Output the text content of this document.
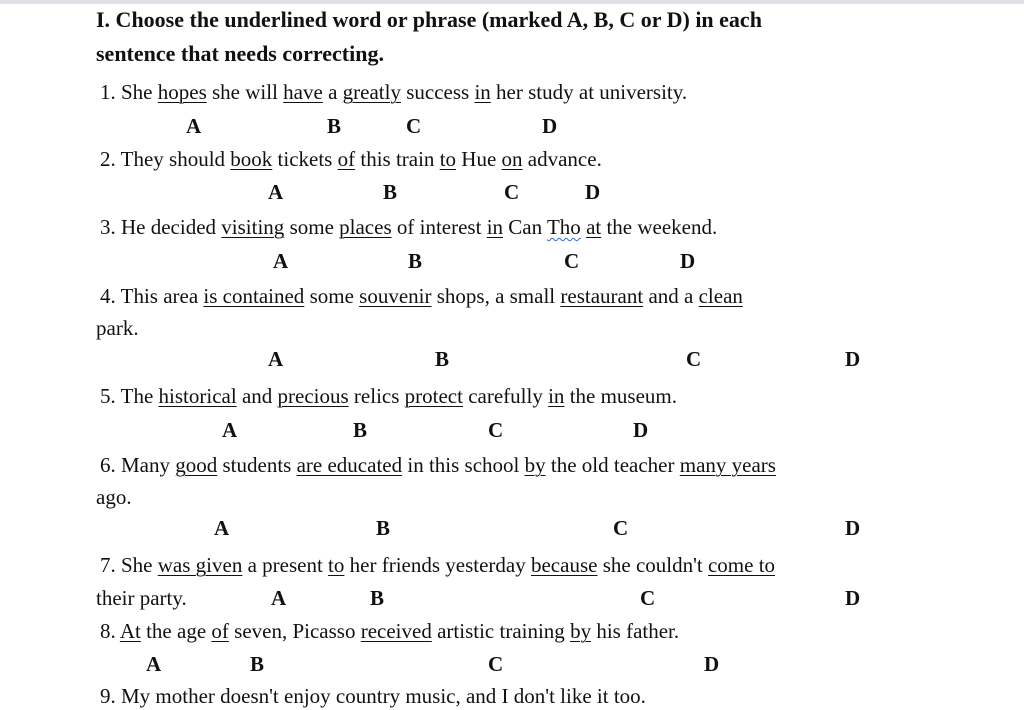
I. Choose the underlined word or phrase (marked A, B, C or D) in each
sentence that needs correcting.
1. She hopes she will have a greatly success in her study at university.
A	B	C	D
2. They should book tickets of this train to Hue on advance.
A	B	C	D
3. He decided visiting some places of interest in Can Tho at the weekend.
A	B	C	D
4. This area is contained some souvenir shops, a small restaurant and a clean
park.
A	B	C	D
5. The historical and precious relics protect carefully in the museum.
A	B	C	D
6. Many good students are educated in this school by the old teacher many years
ago.
A	B	C	D
7. She was given a present to her friends yesterday because she couldn't come to
their party.	A	B	C	D
8. At the age of seven, Picasso received artistic training by his father.
A	B	C	D
9. My mother doesn't enjoy country music, and I don't like it too.
